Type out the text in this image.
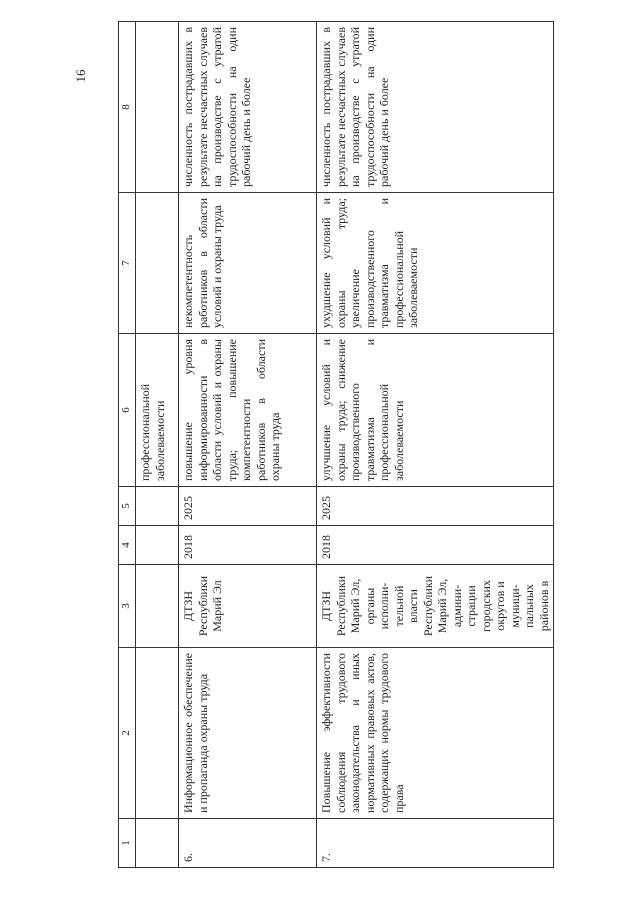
16
1	2	3	4	5	6	7	8
					профессиональной заболеваемости		
6.	Информационное обеспечение и пропаганда охраны труда	ДТЗН Республики Марий Эл	2018	2025	повышение уровня информированности в области условий и охраны труда; повышение компетентности работников в области охраны труда	некомпетентность работников в области условий и охраны труда	численность пострадавших в результате несчастных случаев на производстве с утратой трудоспособности на один рабочий день и более
7.	Повышение эффективности соблюдения трудового законодательства и иных нормативных правовых актов, содержащих нормы трудового права	ДТЗН Республики Марий Эл, органы исполни-тельной власти Республики Марий Эл, админи-страции городских округов и муници-пальных районов в	2018	2025	улучшение условий и охраны труда; снижение производственного травматизма и профессиональной заболеваемости	ухудшение условий и охраны труда; увеличение производственного травматизма и профессиональной заболеваемости	численность пострадавших в результате несчастных случаев на производстве с утратой трудоспособности на один рабочий день и более
